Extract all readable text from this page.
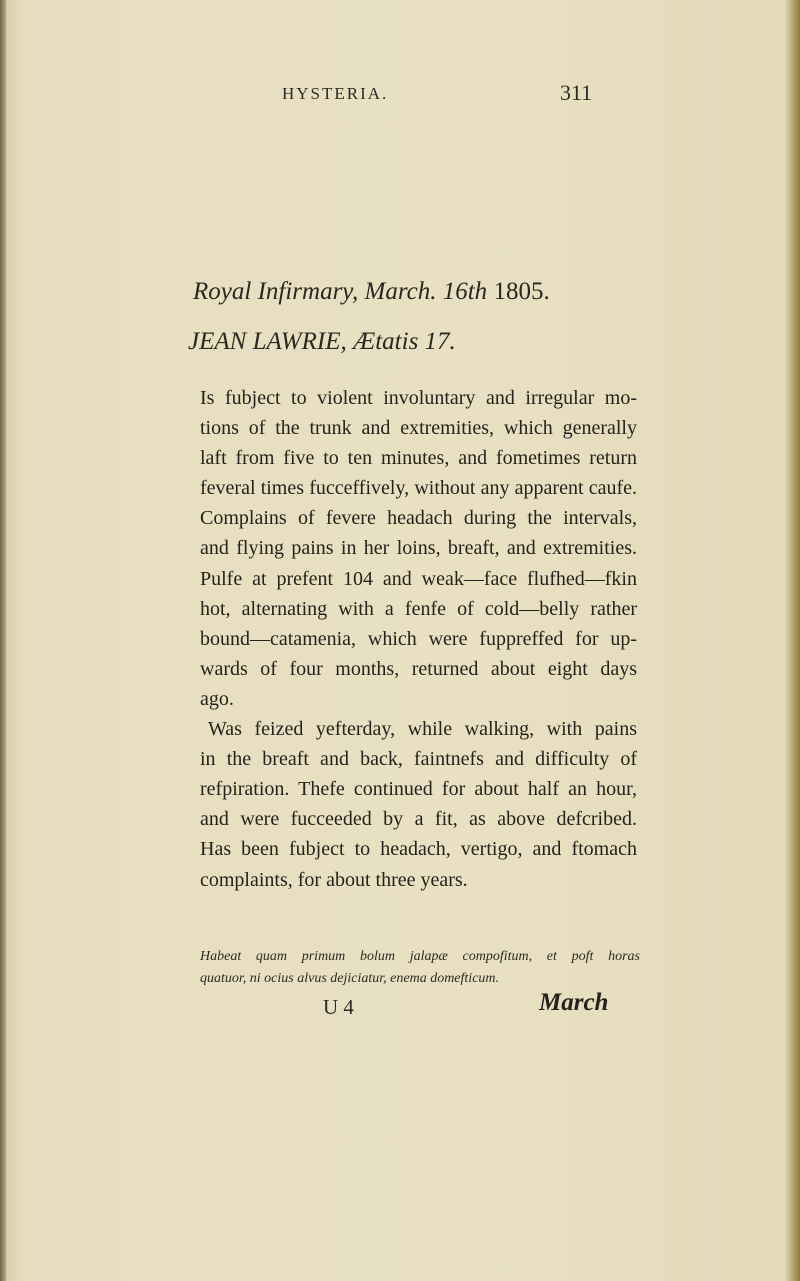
HYSTERIA.	311
Royal Infirmary, March. 16th 1805.
JEAN LAWRIE, Ætatis 17.
Is fubject to violent involuntary and irregular mo-
tions of the trunk and extremities, which generally
laft from five to ten minutes, and fometimes return
feveral times fucceffively, without any apparent caufe.
Complains of fevere headach during the intervals,
and flying pains in her loins, breaft, and extremities.
Pulfe at prefent 104 and weak—face flufhed—fkin
hot, alternating with a fenfe of cold—belly rather
bound—catamenia, which were fuppreffed for up-
wards of four months, returned about eight days
ago.
Was feized yefterday, while walking, with pains
in the breaft and back, faintnefs and difficulty of
refpiration. Thefe continued for about half an hour,
and were fucceeded by a fit, as above defcribed.
Has been fubject to headach, vertigo, and ftomach
complaints, for about three years.
Habeat quam primum bolum jalapæ compofitum, et poft horas
quatuor, ni ocius alvus dejiciatur, enema domefticum.
U 4	March
